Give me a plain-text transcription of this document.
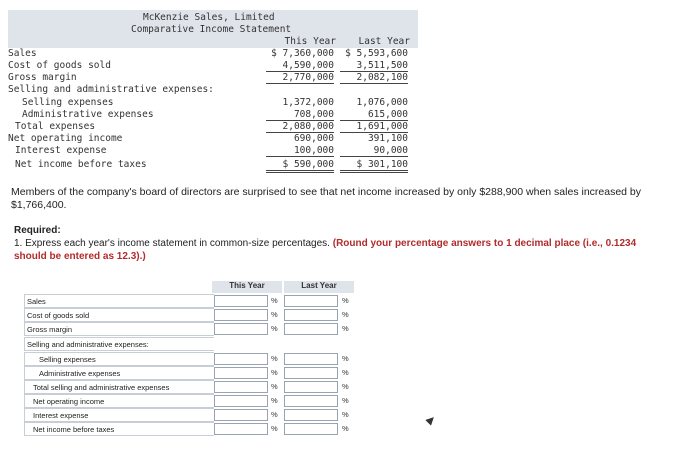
McKenzie Sales, Limited
Comparative Income Statement
This Year	Last Year
Sales	$ 7,360,000	$ 5,593,600
Cost of goods sold	4,590,000	3,511,500
Gross margin	2,770,000	2,082,100
Selling and administrative expenses:
Selling expenses	1,372,000	1,076,000
Administrative expenses	708,000	615,000
Total expenses	2,080,000	1,691,000
Net operating income	690,000	391,100
Interest expense	100,000	90,000
Net income before taxes	$ 590,000	$ 301,100
Members of the company's board of directors are surprised to see that net income increased by only $288,900 when sales increased by $1,766,400.
Required:
1. Express each year's income statement in common-size percentages. (Round your percentage answers to 1 decimal place (i.e., 0.1234 should be entered as 12.3).)
This Year	Last Year
Sales	%	%
Cost of goods sold	%	%
Gross margin	%	%
Selling and administrative expenses:
Selling expenses	%	%
Administrative expenses	%	%
Total selling and administrative expenses	%	%
Net operating income	%	%
Interest expense	%	%
Net income before taxes	%	%
